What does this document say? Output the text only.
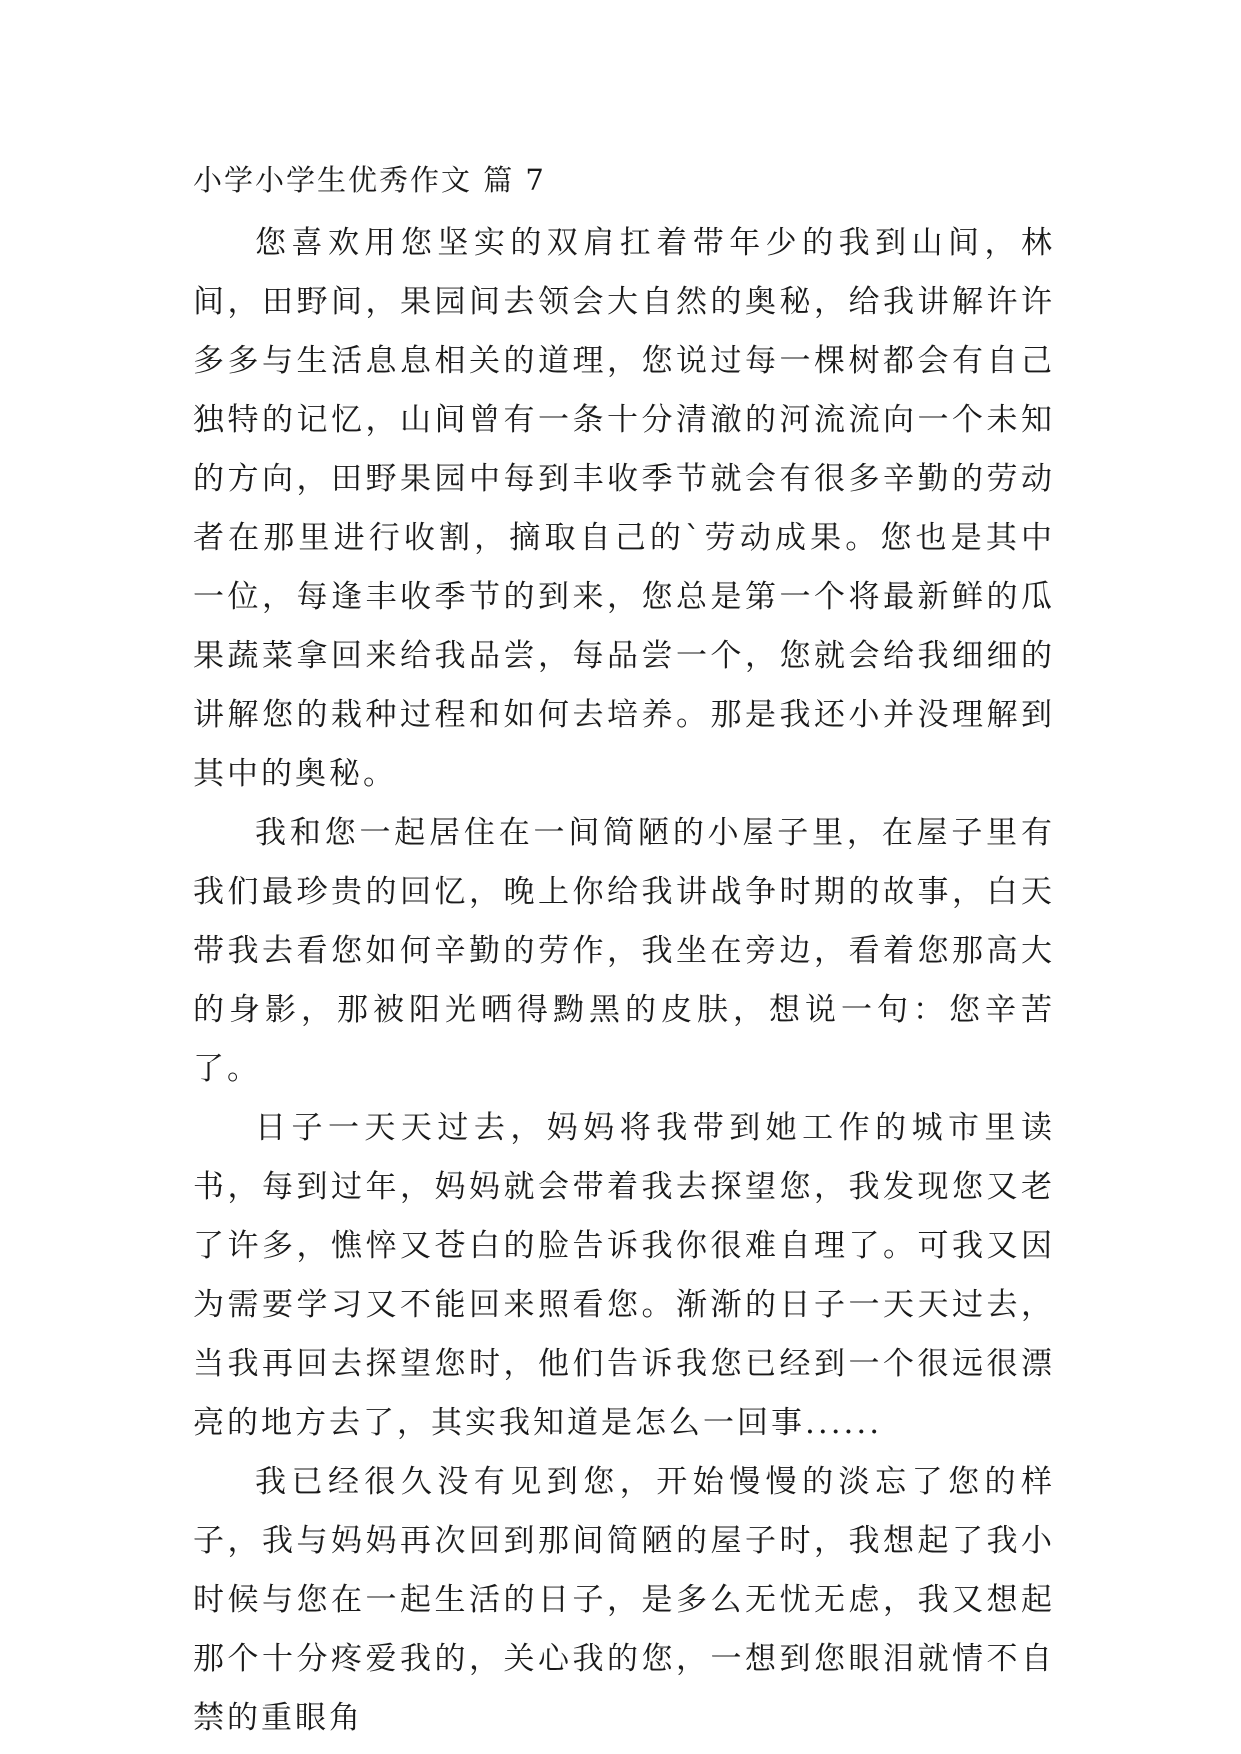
小学小学生优秀作文 篇 7

您喜欢用您坚实的双肩扛着带年少的我到山间，林间，田野间，果园间去领会大自然的奥秘，给我讲解许许多多与生活息息相关的道理，您说过每一棵树都会有自己独特的记忆，山间曾有一条十分清澈的河流流向一个未知的方向，田野果园中每到丰收季节就会有很多辛勤的劳动者在那里进行收割，摘取自己的`劳动成果。您也是其中一位，每逢丰收季节的到来，您总是第一个将最新鲜的瓜果蔬菜拿回来给我品尝，每品尝一个，您就会给我细细的讲解您的栽种过程和如何去培养。那是我还小并没理解到其中的奥秘。

我和您一起居住在一间简陋的小屋子里，在屋子里有我们最珍贵的回忆，晚上你给我讲战争时期的故事，白天带我去看您如何辛勤的劳作，我坐在旁边，看着您那高大的身影，那被阳光晒得黝黑的皮肤，想说一句：您辛苦了。

日子一天天过去，妈妈将我带到她工作的城市里读书，每到过年，妈妈就会带着我去探望您，我发现您又老了许多，憔悴又苍白的脸告诉我你很难自理了。可我又因为需要学习又不能回来照看您。渐渐的日子一天天过去，当我再回去探望您时，他们告诉我您已经到一个很远很漂亮的地方去了，其实我知道是怎么一回事......

我已经很久没有见到您，开始慢慢的淡忘了您的样子，我与妈妈再次回到那间简陋的屋子时，我想起了我小时候与您在一起生活的日子，是多么无忧无虑，我又想起那个十分疼爱我的，关心我的您，一想到您眼泪就情不自禁的重眼角
